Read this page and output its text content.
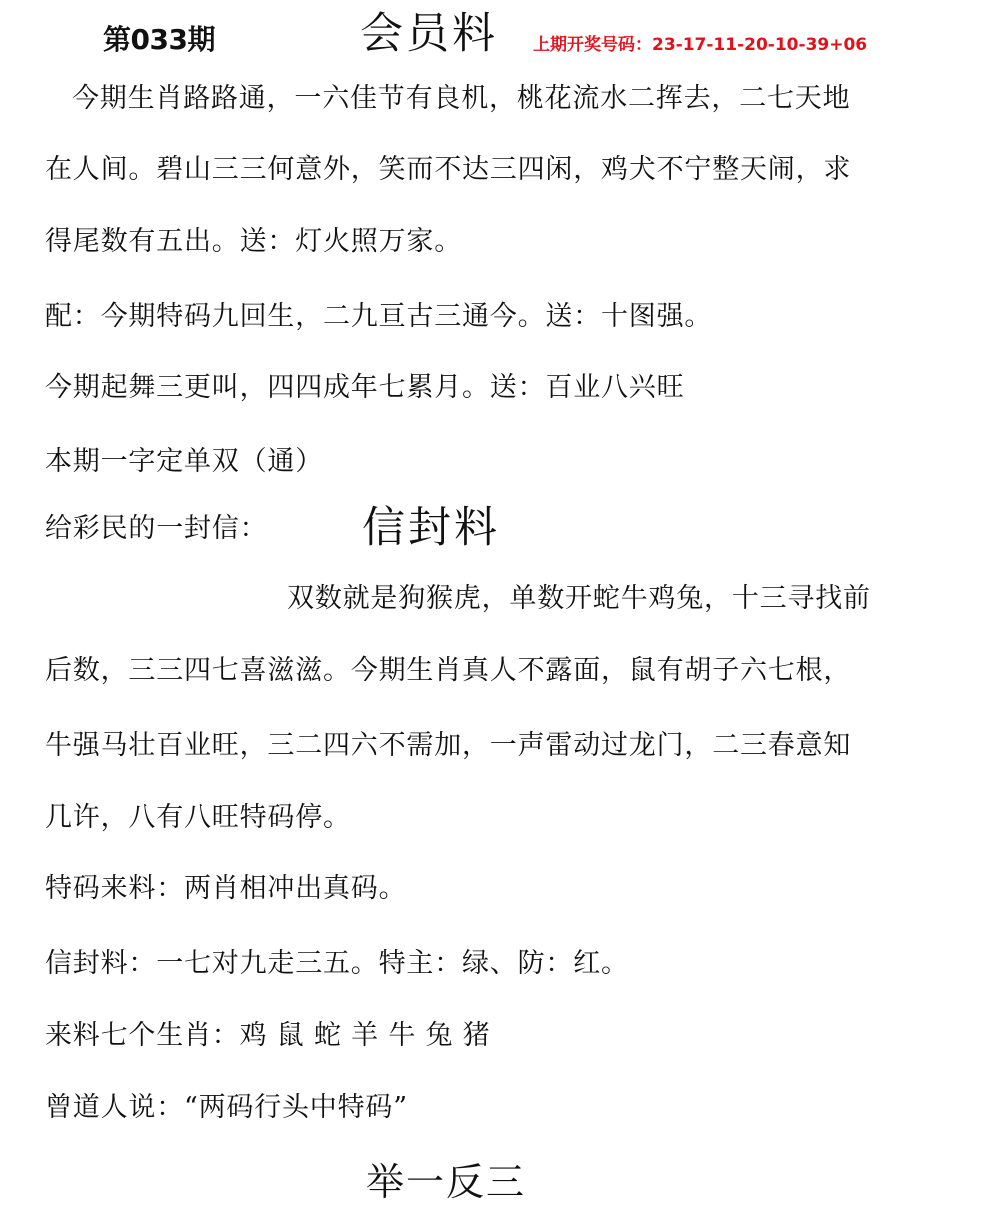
第033期	会员料 上期开奖号码：23-17-11-20-10-39+06
今期生肖路路通，一六佳节有良机，桃花流水二挥去，二七天地
在人间。碧山三三何意外，笑而不达三四闲，鸡犬不宁整天闹，求
得尾数有五出。送：灯火照万家。
配：今期特码九回生，二九亘古三通今。送：十图强。
今期起舞三更叫，四四成年七累月。送：百业八兴旺
本期一字定单双（通）
给彩民的一封信： 信封料
双数就是狗猴虎，单数开蛇牛鸡兔，十三寻找前
后数，三三四七喜滋滋。今期生肖真人不露面，鼠有胡子六七根，
牛强马壮百业旺，三二四六不需加，一声雷动过龙门，二三春意知
几许，八有八旺特码停。
特码来料：两肖相冲出真码。
信封料：一七对九走三五。特主：绿、防：红。
来料七个生肖：鸡 鼠 蛇 羊 牛 兔 猪
曾道人说：“两码行头中特码”
举一反三
